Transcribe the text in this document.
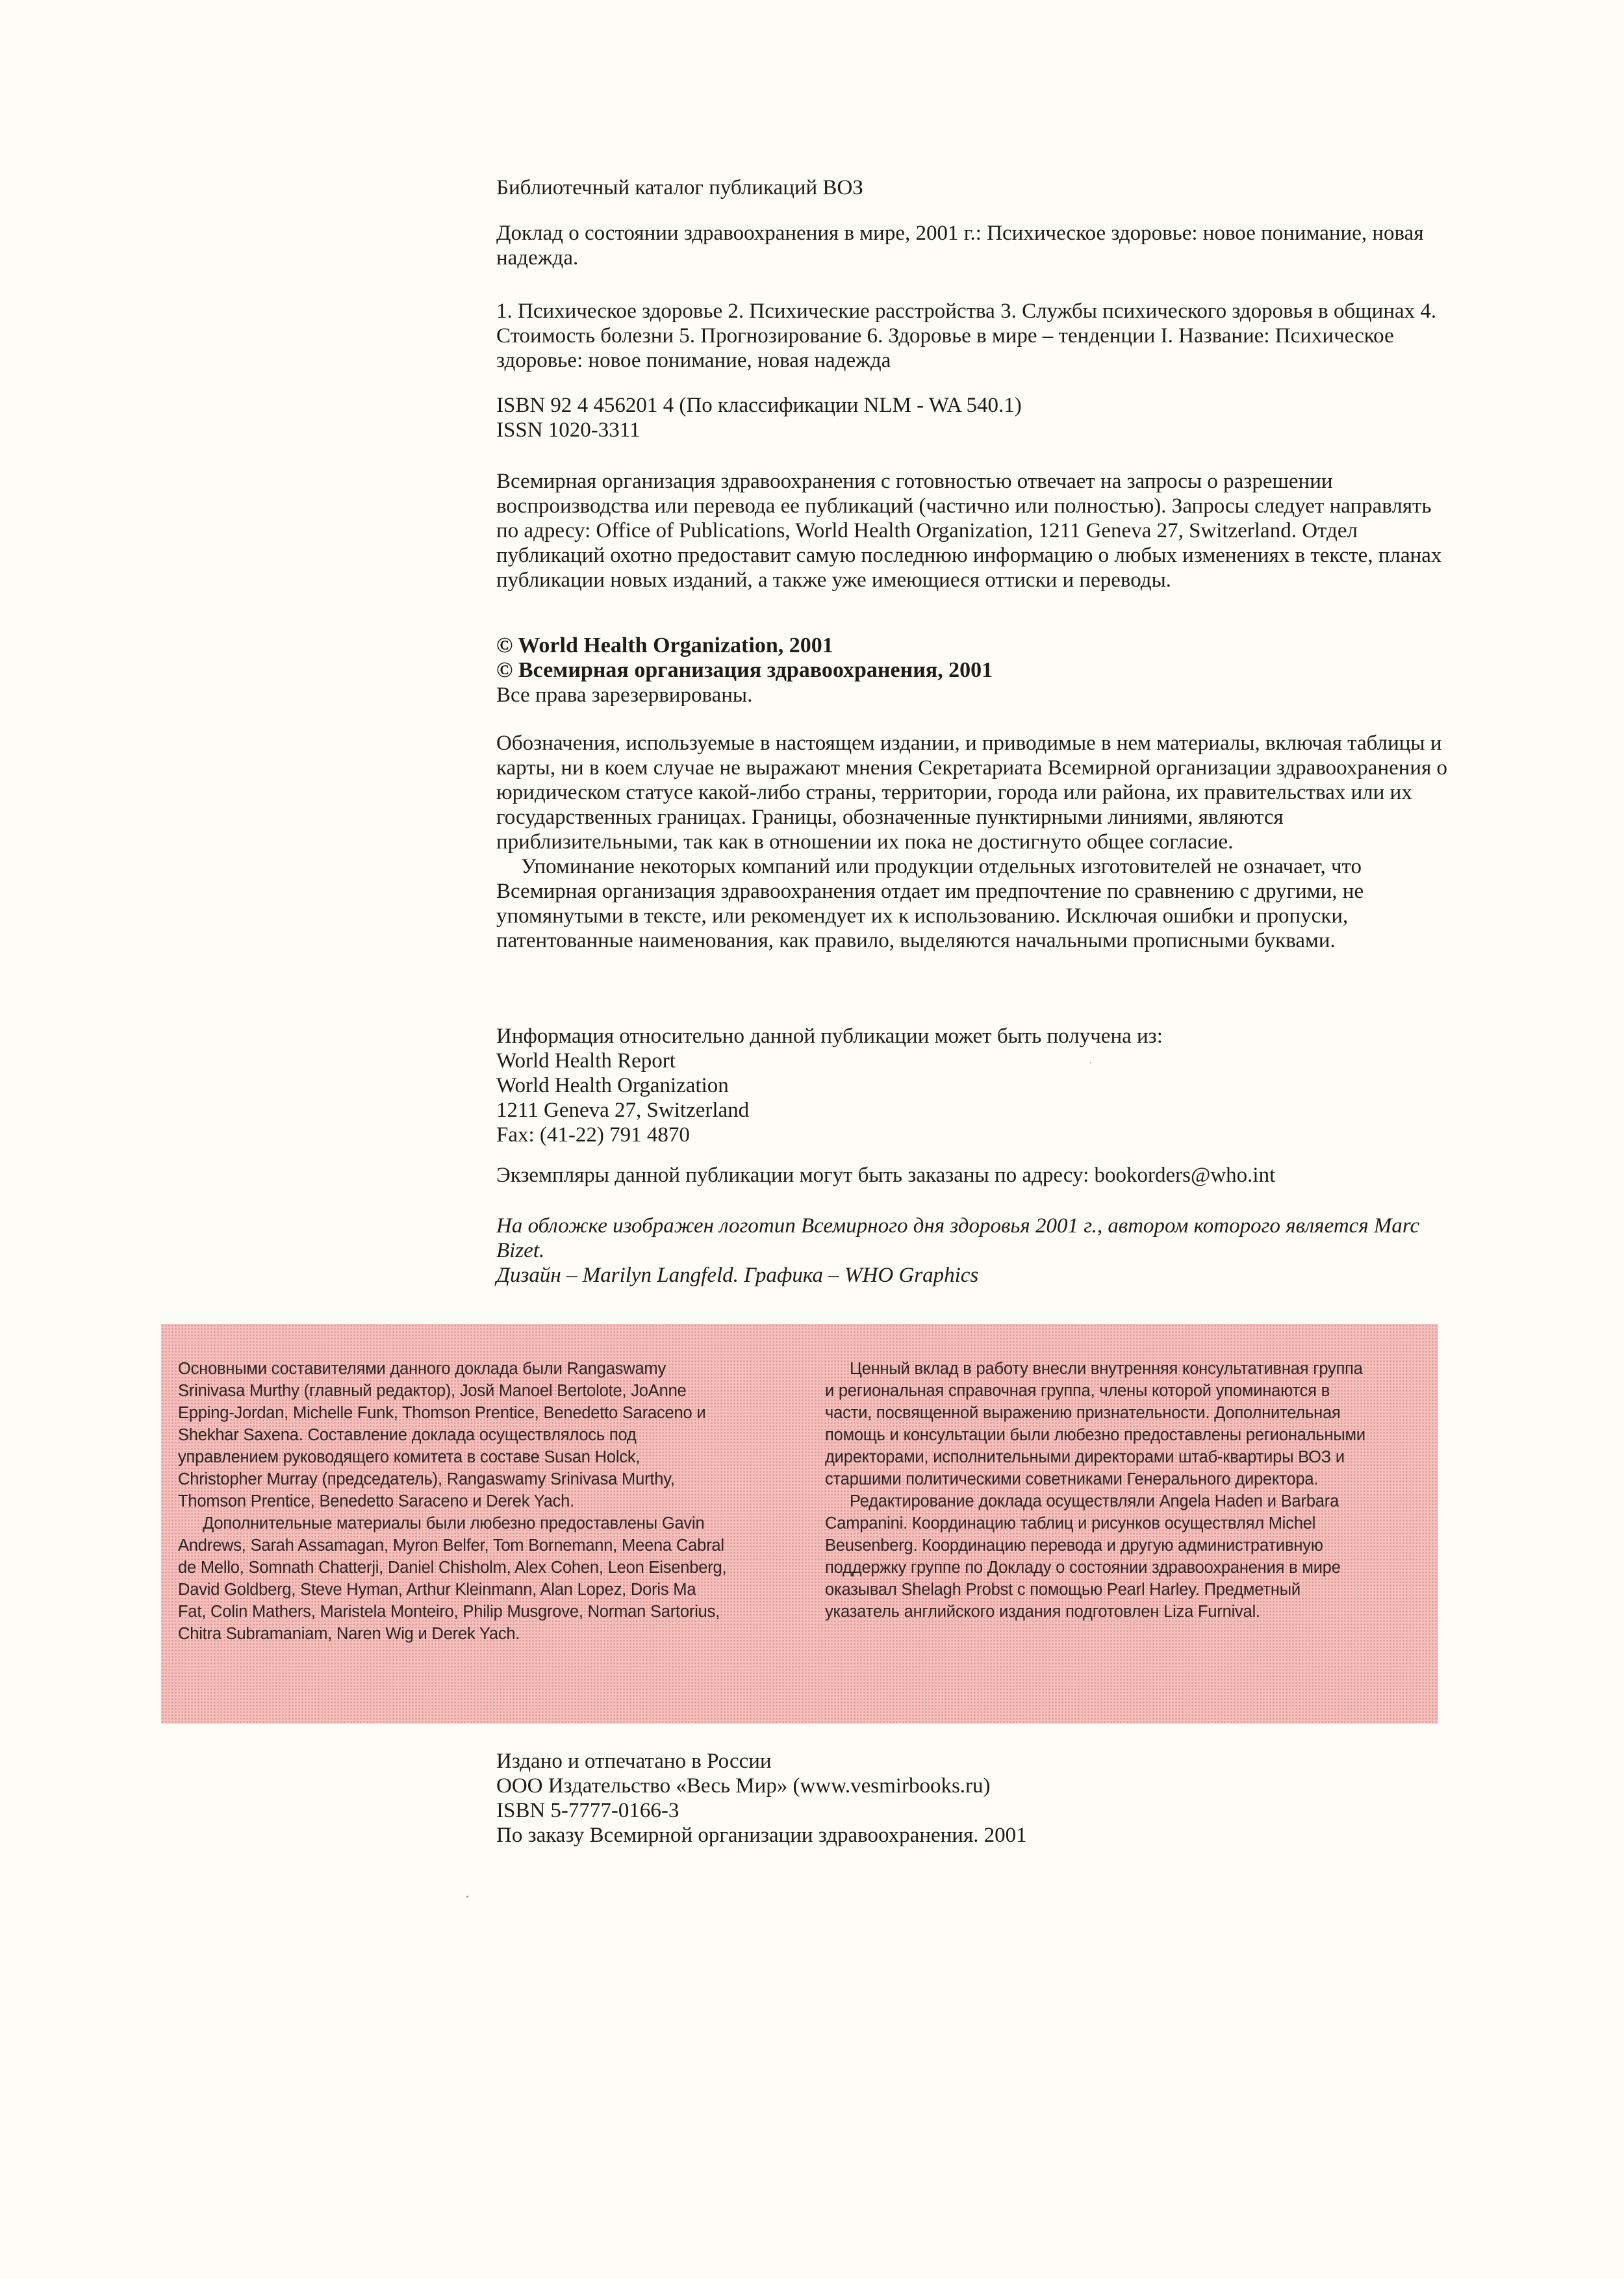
Библиотечный каталог публикаций ВОЗ

Доклад о состоянии здравоохранения в мире, 2001 г.: Психическое здоровье: новое понимание, новая надежда.

1. Психическое здоровье 2. Психические расстройства 3. Службы психического здоровья в общинах 4. Стоимость болезни 5. Прогнозирование 6. Здоровье в мире – тенденции I. Название: Психическое здоровье: новое понимание, новая надежда

ISBN 92 4 456201 4 (По классификации NLM - WA 540.1)

ISSN 1020-3311

Всемирная организация здравоохранения с готовностью отвечает на запросы о разрешении воспроизводства или перевода ее публикаций (частично или полностью). Запросы следует направлять по адресу: Office of Publications, World Health Organization, 1211 Geneva 27, Switzerland. Отдел публикаций охотно предоставит самую последнюю информацию о любых изменениях в тексте, планах публикации новых изданий, а также уже имеющиеся оттиски и переводы.

© World Health Organization, 2001

© Всемирная организация здравоохранения, 2001

Все права зарезервированы.

Обозначения, используемые в настоящем издании, и приводимые в нем материалы, включая таблицы и карты, ни в коем случае не выражают мнения Секретариата Всемирной организации здравоохранения о юридическом статусе какой-либо страны, территории, города или района, их правительствах или их государственных границах. Границы, обозначенные пунктирными линиями, являются приблизительными, так как в отношении их пока не достигнуто общее согласие.

Упоминание некоторых компаний или продукции отдельных изготовителей не означает, что Всемирная организация здравоохранения отдает им предпочтение по сравнению с другими, не упомянутыми в тексте, или рекомендует их к использованию. Исключая ошибки и пропуски, патентованные наименования, как правило, выделяются начальными прописными буквами.

Информация относительно данной публикации может быть получена из:

World Health Report

World Health Organization

1211 Geneva 27, Switzerland

Fax: (41-22) 791 4870

Экземпляры данной публикации могут быть заказаны по адресу: bookorders@who.int

На обложке изображен логотип Всемирного дня здоровья 2001 г., автором которого является Marc Bizet.

Дизайн – Marilyn Langfeld. Графика – WHO Graphics

Основными составителями данного доклада были Rangaswamy Srinivasa Murthy (главный редактор), Josй Manoel Bertolote, JoAnne Epping-Jordan, Michelle Funk, Thomson Prentice, Benedetto Saraceno и Shekhar Saxena. Составление доклада осуществлялось под управлением руководящего комитета в составе Susan Holck, Christopher Murray (председатель), Rangaswamy Srinivasa Murthy, Thomson Prentice, Benedetto Saraceno и Derek Yach.

Дополнительные материалы были любезно предоставлены Gavin Andrews, Sarah Assamagan, Myron Belfer, Tom Bornemann, Meena Cabral de Mello, Somnath Chatterji, Daniel Chisholm, Alex Cohen, Leon Eisenberg, David Goldberg, Steve Hyman, Arthur Kleinmann, Alan Lopez, Doris Ma Fat, Colin Mathers, Maristela Monteiro, Philip Musgrove, Norman Sartorius, Chitra Subramaniam, Naren Wig и Derek Yach.

Ценный вклад в работу внесли внутренняя консультативная группа и региональная справочная группа, члены которой упоминаются в части, посвященной выражению признательности. Дополнительная помощь и консультации были любезно предоставлены региональными директорами, исполнительными директорами штаб-квартиры ВОЗ и старшими политическими советниками Генерального директора.

Редактирование доклада осуществляли Angela Haden и Barbara Campanini. Координацию таблиц и рисунков осуществлял Michel Beusenberg. Координацию перевода и другую административную поддержку группе по Докладу о состоянии здравоохранения в мире оказывал Shelagh Probst с помощью Pearl Harley. Предметный указатель английского издания подготовлен Liza Furnival.

Издано и отпечатано в России

ООО Издательство «Весь Мир» (www.vesmirbooks.ru)

ISBN 5-7777-0166-3

По заказу Всемирной организации здравоохранения. 2001
